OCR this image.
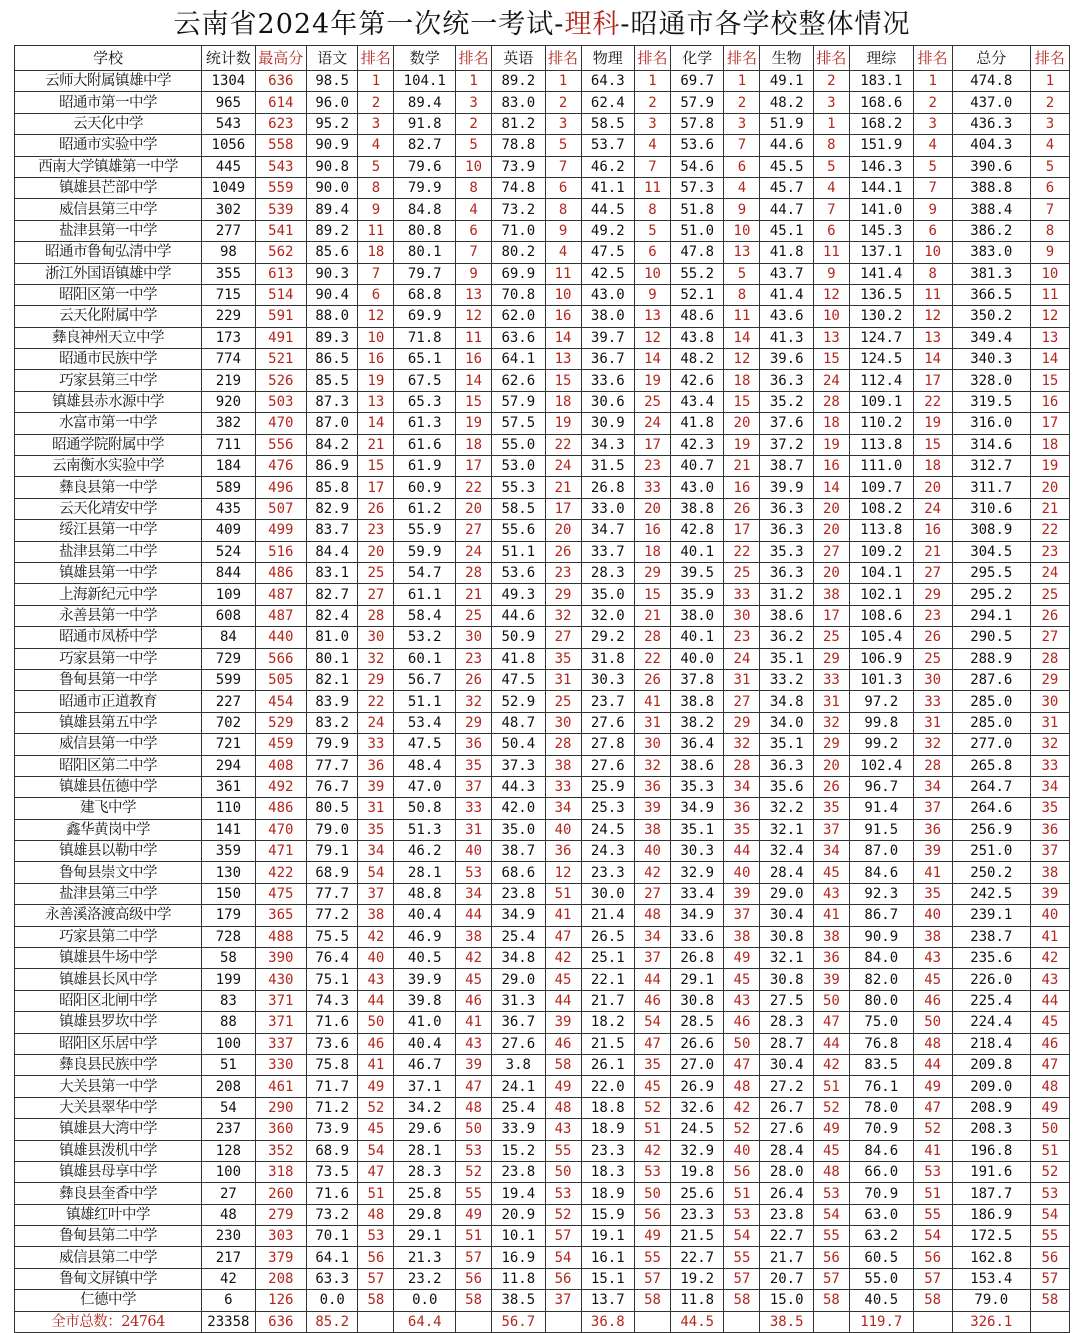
云南省2024年第一次统一考试-理科-昭通市各学校整体情况
学校	统计数	最高分	语文	排名	数学	排名	英语	排名	物理	排名	化学	排名	生物	排名	理综	排名	总分	排名
云师大附属镇雄中学	1304	636	98.5	1	104.1	1	89.2	1	64.3	1	69.7	1	49.1	2	183.1	1	474.8	1
昭通市第一中学	965	614	96.0	2	89.4	3	83.0	2	62.4	2	57.9	2	48.2	3	168.6	2	437.0	2
云天化中学	543	623	95.2	3	91.8	2	81.2	3	58.5	3	57.8	3	51.9	1	168.2	3	436.3	3
昭通市实验中学	1056	558	90.9	4	82.7	5	78.8	5	53.7	4	53.6	7	44.6	8	151.9	4	404.3	4
西南大学镇雄第一中学	445	543	90.8	5	79.6	10	73.9	7	46.2	7	54.6	6	45.5	5	146.3	5	390.6	5
镇雄县芒部中学	1049	559	90.0	8	79.9	8	74.8	6	41.1	11	57.3	4	45.7	4	144.1	7	388.8	6
威信县第三中学	302	539	89.4	9	84.8	4	73.2	8	44.5	8	51.8	9	44.7	7	141.0	9	388.4	7
盐津县第一中学	277	541	89.2	11	80.8	6	71.0	9	49.2	5	51.0	10	45.1	6	145.3	6	386.2	8
昭通市鲁甸弘清中学	98	562	85.6	18	80.1	7	80.2	4	47.5	6	47.8	13	41.8	11	137.1	10	383.0	9
浙江外国语镇雄中学	355	613	90.3	7	79.7	9	69.9	11	42.5	10	55.2	5	43.7	9	141.4	8	381.3	10
昭阳区第一中学	715	514	90.4	6	68.8	13	70.8	10	43.0	9	52.1	8	41.4	12	136.5	11	366.5	11
云天化附属中学	229	591	88.0	12	69.9	12	62.0	16	38.0	13	48.6	11	43.6	10	130.2	12	350.2	12
彝良神州天立中学	173	491	89.3	10	71.8	11	63.6	14	39.7	12	43.8	14	41.3	13	124.7	13	349.4	13
昭通市民族中学	774	521	86.5	16	65.1	16	64.1	13	36.7	14	48.2	12	39.6	15	124.5	14	340.3	14
巧家县第三中学	219	526	85.5	19	67.5	14	62.6	15	33.6	19	42.6	18	36.3	24	112.4	17	328.0	15
镇雄县赤水源中学	920	503	87.3	13	65.3	15	57.9	18	30.6	25	43.4	15	35.2	28	109.1	22	319.5	16
水富市第一中学	382	470	87.0	14	61.3	19	57.5	19	30.9	24	41.8	20	37.6	18	110.2	19	316.0	17
昭通学院附属中学	711	556	84.2	21	61.6	18	55.0	22	34.3	17	42.3	19	37.2	19	113.8	15	314.6	18
云南衡水实验中学	184	476	86.9	15	61.9	17	53.0	24	31.5	23	40.7	21	38.7	16	111.0	18	312.7	19
彝良县第一中学	589	496	85.8	17	60.9	22	55.3	21	26.8	33	43.0	16	39.9	14	109.7	20	311.7	20
云天化靖安中学	435	507	82.9	26	61.2	20	58.5	17	33.0	20	38.8	26	36.3	20	108.2	24	310.6	21
绥江县第一中学	409	499	83.7	23	55.9	27	55.6	20	34.7	16	42.8	17	36.3	20	113.8	16	308.9	22
盐津县第二中学	524	516	84.4	20	59.9	24	51.1	26	33.7	18	40.1	22	35.3	27	109.2	21	304.5	23
镇雄县第一中学	844	486	83.1	25	54.7	28	53.6	23	28.3	29	39.5	25	36.3	20	104.1	27	295.5	24
上海新纪元中学	109	487	82.7	27	61.1	21	49.3	29	35.0	15	35.9	33	31.2	38	102.1	29	295.2	25
永善县第一中学	608	487	82.4	28	58.4	25	44.6	32	32.0	21	38.0	30	38.6	17	108.6	23	294.1	26
昭通市凤桥中学	84	440	81.0	30	53.2	30	50.9	27	29.2	28	40.1	23	36.2	25	105.4	26	290.5	27
巧家县第一中学	729	566	80.1	32	60.1	23	41.8	35	31.8	22	40.0	24	35.1	29	106.9	25	288.9	28
鲁甸县第一中学	599	505	82.1	29	56.7	26	47.5	31	30.3	26	37.8	31	33.2	33	101.3	30	287.6	29
昭通市正道教育	227	454	83.9	22	51.1	32	52.9	25	23.7	41	38.8	27	34.8	31	97.2	33	285.0	30
镇雄县第五中学	702	529	83.2	24	53.4	29	48.7	30	27.6	31	38.2	29	34.0	32	99.8	31	285.0	31
威信县第一中学	721	459	79.9	33	47.5	36	50.4	28	27.8	30	36.4	32	35.1	29	99.2	32	277.0	32
昭阳区第二中学	294	408	77.7	36	48.4	35	37.3	38	27.6	32	38.6	28	36.3	20	102.4	28	265.8	33
镇雄县伍德中学	361	492	76.7	39	47.0	37	44.3	33	25.9	36	35.3	34	35.6	26	96.7	34	264.7	34
建飞中学	110	486	80.5	31	50.8	33	42.0	34	25.3	39	34.9	36	32.2	35	91.4	37	264.6	35
鑫华黄岗中学	141	470	79.0	35	51.3	31	35.0	40	24.5	38	35.1	35	32.1	37	91.5	36	256.9	36
镇雄县以勒中学	359	471	79.1	34	46.2	40	38.7	36	24.3	40	30.3	44	32.4	34	87.0	39	251.0	37
鲁甸县崇文中学	130	422	68.9	54	28.1	53	68.6	12	23.3	42	32.9	40	28.4	45	84.6	41	250.2	38
盐津县第三中学	150	475	77.7	37	48.8	34	23.8	51	30.0	27	33.4	39	29.0	43	92.3	35	242.5	39
永善溪洛渡高级中学	179	365	77.2	38	40.4	44	34.9	41	21.4	48	34.9	37	30.4	41	86.7	40	239.1	40
巧家县第二中学	728	488	75.5	42	46.9	38	25.4	47	26.5	34	33.6	38	30.8	38	90.9	38	238.7	41
镇雄县牛场中学	58	390	76.4	40	40.5	42	34.8	42	25.1	37	26.8	49	32.1	36	84.0	43	235.6	42
镇雄县长风中学	199	430	75.1	43	39.9	45	29.0	45	22.1	44	29.1	45	30.8	39	82.0	45	226.0	43
昭阳区北闸中学	83	371	74.3	44	39.8	46	31.3	44	21.7	46	30.8	43	27.5	50	80.0	46	225.4	44
镇雄县罗坎中学	88	371	71.6	50	41.0	41	36.7	39	18.2	54	28.5	46	28.3	47	75.0	50	224.4	45
昭阳区乐居中学	100	337	73.6	46	40.4	43	27.6	46	21.5	47	26.6	50	28.7	44	76.8	48	218.4	46
彝良县民族中学	51	330	75.8	41	46.7	39	3.8	58	26.1	35	27.0	47	30.4	42	83.5	44	209.8	47
大关县第一中学	208	461	71.7	49	37.1	47	24.1	49	22.0	45	26.9	48	27.2	51	76.1	49	209.0	48
大关县翠华中学	54	290	71.2	52	34.2	48	25.4	48	18.8	52	32.6	42	26.7	52	78.0	47	208.9	49
镇雄县大湾中学	237	360	73.9	45	29.6	50	33.9	43	18.9	51	24.5	52	27.6	49	70.9	52	208.3	50
镇雄县泼机中学	128	352	68.9	54	28.1	53	15.2	55	23.3	42	32.9	40	28.4	45	84.6	41	196.8	51
镇雄县母享中学	100	318	73.5	47	28.3	52	23.8	50	18.3	53	19.8	56	28.0	48	66.0	53	191.6	52
彝良县奎香中学	27	260	71.6	51	25.8	55	19.4	53	18.9	50	25.6	51	26.4	53	70.9	51	187.7	53
镇雄红叶中学	48	279	73.2	48	29.8	49	20.9	52	15.9	56	23.3	53	23.8	54	63.0	55	186.9	54
鲁甸县第二中学	230	303	70.1	53	29.1	51	10.1	57	19.1	49	21.5	54	22.7	55	63.2	54	172.5	55
威信县第二中学	217	379	64.1	56	21.3	57	16.9	54	16.1	55	22.7	55	21.7	56	60.5	56	162.8	56
鲁甸文屏镇中学	42	208	63.3	57	23.2	56	11.8	56	15.1	57	19.2	57	20.7	57	55.0	57	153.4	57
仁德中学	6	126	0.0	58	0.0	58	38.5	37	13.7	58	11.8	58	15.0	58	40.5	58	79.0	58
全市总数：24764	23358	636	85.2		64.4		56.7		36.8		44.5		38.5		119.7		326.1	
